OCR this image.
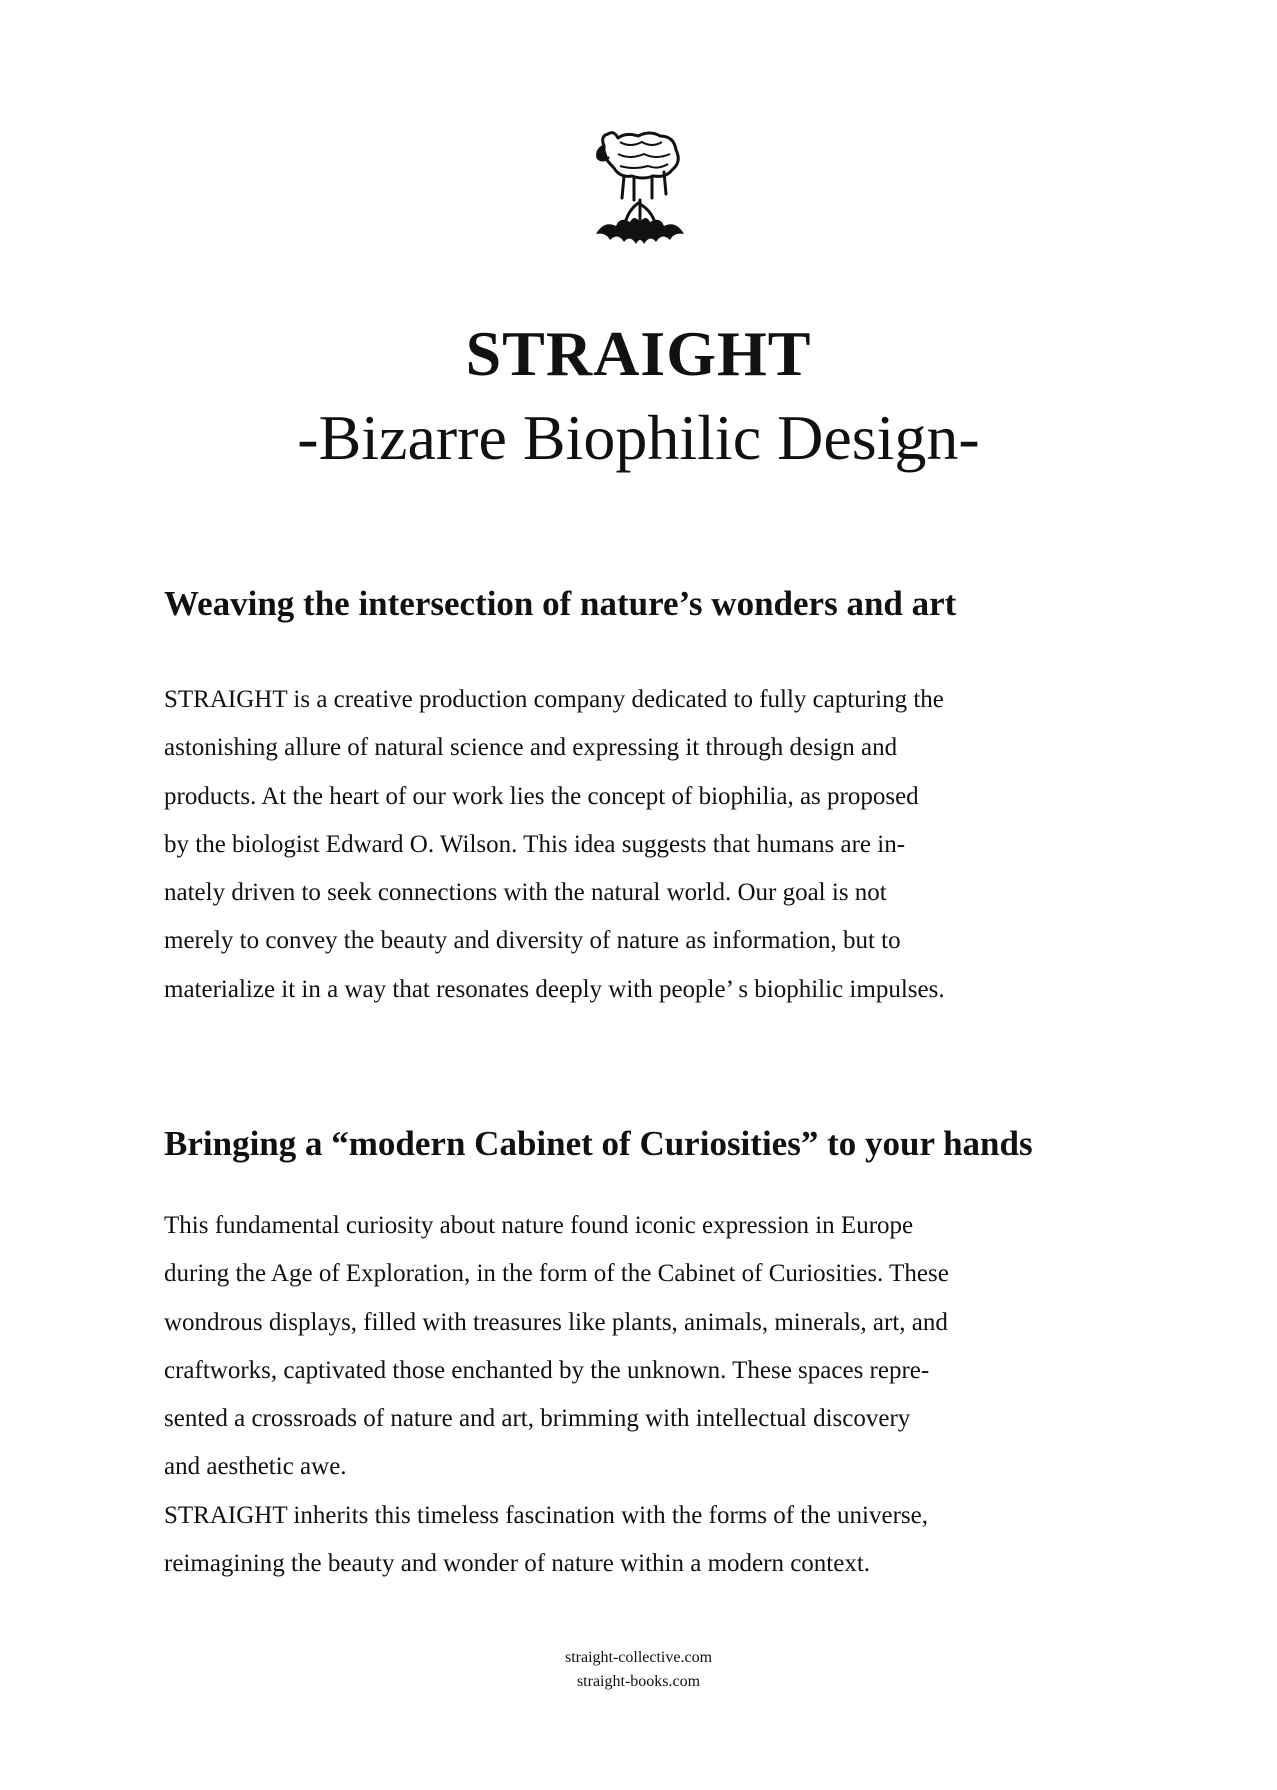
STRAIGHT
-Bizarre Biophilic Design-
Weaving the intersection of nature’s wonders and art

STRAIGHT is a creative production company dedicated to fully capturing the
astonishing allure of natural science and expressing it through design and
products. At the heart of our work lies the concept of biophilia, as proposed
by the biologist Edward O. Wilson. This idea suggests that humans are in-
nately driven to seek connections with the natural world. Our goal is not
merely to convey the beauty and diversity of nature as information, but to
materialize it in a way that resonates deeply with people’ s biophilic impulses.

Bringing a “modern Cabinet of Curiosities” to your hands

This fundamental curiosity about nature found iconic expression in Europe
during the Age of Exploration, in the form of the Cabinet of Curiosities. These
wondrous displays, filled with treasures like plants, animals, minerals, art, and
craftworks, captivated those enchanted by the unknown. These spaces repre-
sented a crossroads of nature and art, brimming with intellectual discovery
and aesthetic awe.
STRAIGHT inherits this timeless fascination with the forms of the universe,
reimagining the beauty and wonder of nature within a modern context.

straight-collective.com
straight-books.com
